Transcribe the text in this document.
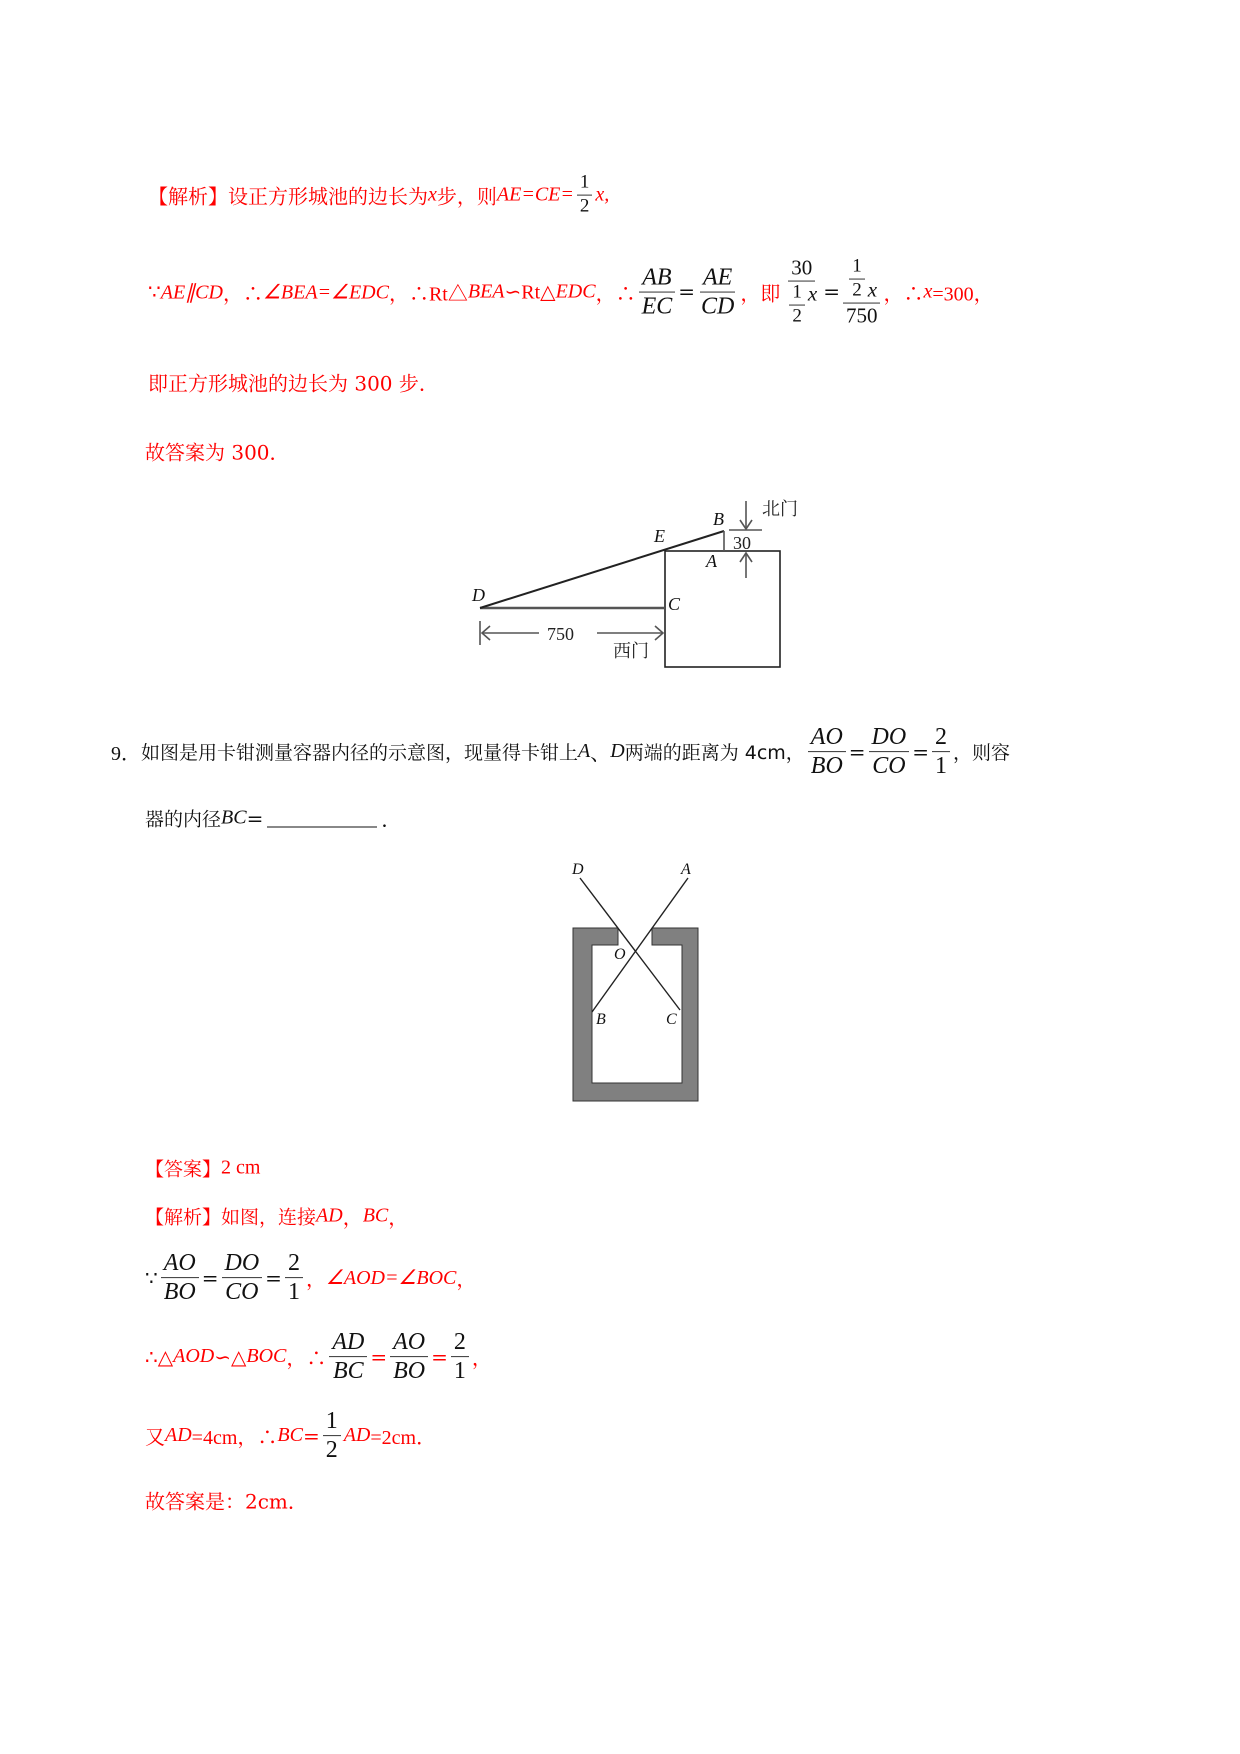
【解析】设正方形城池的边长为 x 步，则 $AE=CE= \frac{1}{2} x$,
∵ AE∥CD ，∴ ∠BEA=∠EDC ，∴Rt△ BEA ∽Rt△ EDC ，∴ $\frac{AB}{EC} = \frac{AE}{CD}$ ，即 $\frac{30}{\frac{1}{2} x} = \frac{\frac{1}{2} x}{750}$ ，∴ x =300，
即正方形城池的边长为 300 步．
故答案为 300．
D
E
B
A
C
30
750
西门
北门
9． 如图是用卡钳测量容器内径的示意图，现量得卡钳上 A 、 D 两端的距离为 4cm， $\frac{AO}{BO} = \frac{DO}{CO} = \frac{2}{1}$ ，则容
器的内径 BC =	．
D	A
O
B	C
【答案】 2 cm
【解析】如图，连接 AD ， BC ，
∵ $\frac{AO}{BO} = \frac{DO}{CO} = \frac{2}{1}$ ， ∠AOD=∠BOC ，
∴△ AOD ∽△ BOC ，∴ $\frac{AD}{BC} = \frac{AO}{BO} = \frac{2}{1}$ ，
又 AD =4cm，∴ BC = $\frac{1}{2}$ AD =2cm．
故答案是：2cm．
